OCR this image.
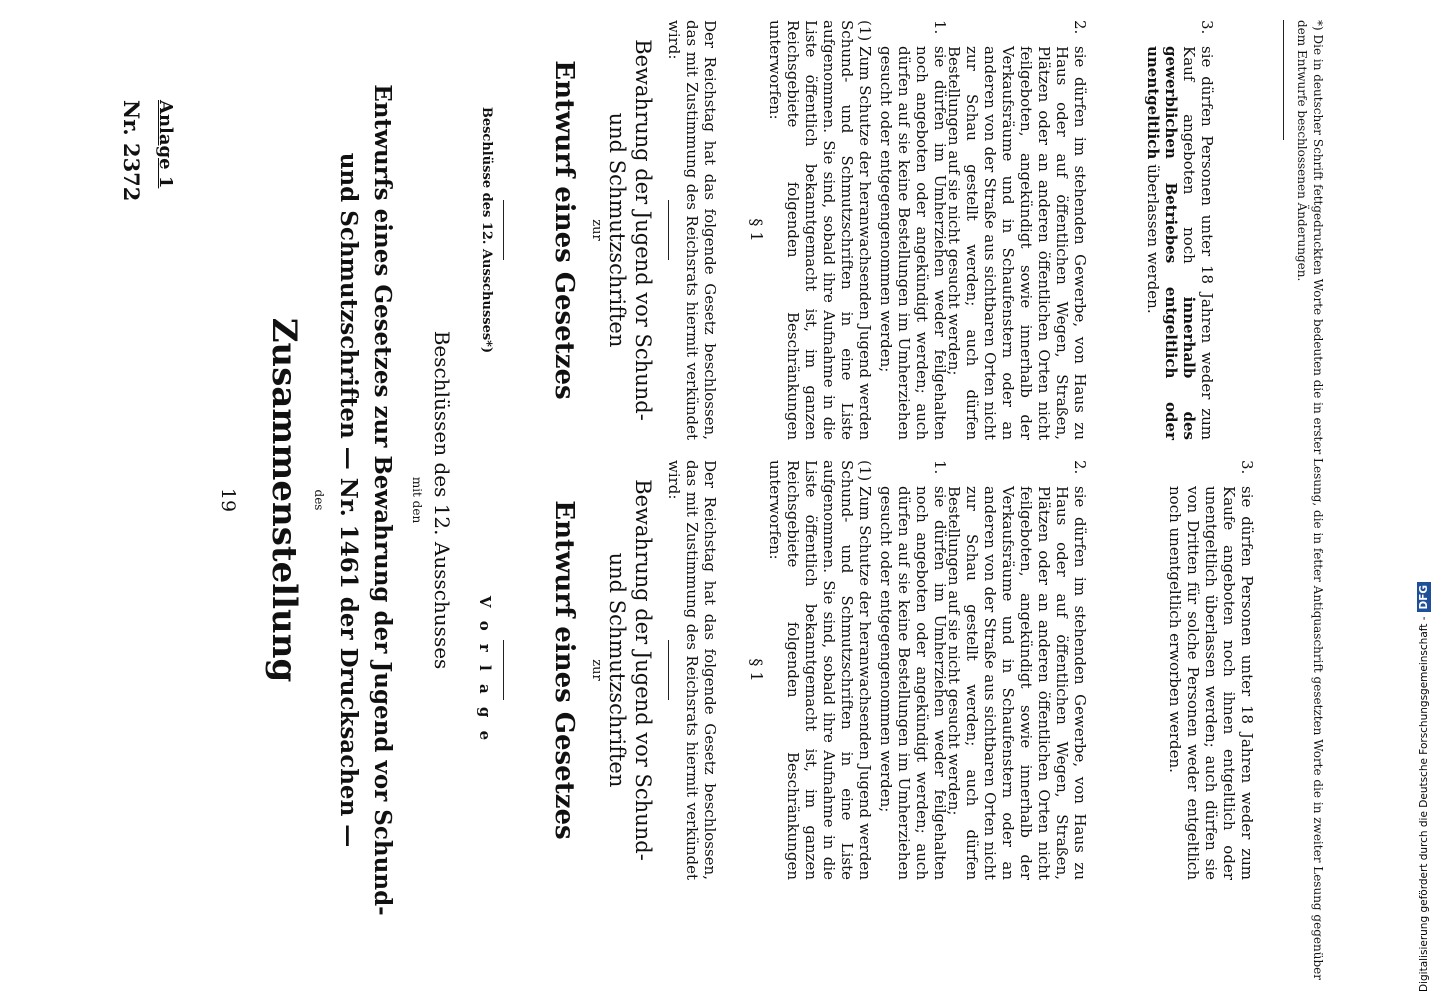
19
Nr. 2372 Anlage 1
Zusammenstellung des	Entwurfs eines Gesetzes zur Bewahrung der Jugend vor Schund- und Schmutzschriften — Nr. 1461 der Drucksachen —	mit den Beschlüssen des 12. Ausschusses
V o r l a g e Entwurf eines Gesetzes zur	Bewahrung der Jugend vor Schund- und Schmutzschriften	Der Reichstag hat das folgende Gesetz beschlossen, das mit Zustimmung des Reichsrats hiermit verkündet wird:
§ 1	(1) Zum Schutze der heranwachsenden Jugend werden Schund- und Schmutzschriften in eine Liste aufgenommen. Sie sind, sobald ihre Aufnahme in die Liste öffentlich bekanntgemacht ist, im ganzen Reichsgebiete folgenden Beschränkungen unterworfen:	1.
sie dürfen im Umherziehen weder feilgehalten noch angeboten oder angekündigt werden; auch dürfen auf sie keine Bestellungen im Umherziehen gesucht oder entgegengenommen werden;
2.
sie dürfen im stehenden Gewerbe, von Haus zu Haus oder auf öffentlichen Wegen, Straßen, Plätzen oder an anderen öffentlichen Orten nicht feilgeboten, angekündigt sowie innerhalb der Verkaufsräume und in Schaufenstern oder an anderen von der Straße aus sichtbaren Orten nicht zur Schau gestellt werden; auch dürfen Bestellungen auf sie nicht gesucht werden;
3.
sie dürfen Personen unter 18 Jahren weder zum Kaufe angeboten noch ihnen entgeltlich oder unentgeltlich überlassen werden; auch dürfen sie von Dritten für solche Personen weder entgeltlich noch unentgeltlich erworben werden.
Beschlüsse des 12. Ausschusses*) Entwurf eines Gesetzes zur	Bewahrung der Jugend vor Schund- und Schmutzschriften	Der Reichstag hat das folgende Gesetz beschlossen, das mit Zustimmung des Reichsrats hiermit verkündet wird:
§ 1	(1) Zum Schutze der heranwachsenden Jugend werden Schund- und Schmutzschriften in eine Liste aufgenommen. Sie sind, sobald ihre Aufnahme in die Liste öffentlich bekanntgemacht ist, im ganzen Reichsgebiete folgenden Beschränkungen unterworfen:	1.
sie dürfen im Umherziehen weder feilgehalten noch angeboten oder angekündigt werden; auch dürfen auf sie keine Bestellungen im Umherziehen gesucht oder entgegengenommen werden;
2.
sie dürfen im stehenden Gewerbe, von Haus zu Haus oder auf öffentlichen Wegen, Straßen, Plätzen oder an anderen öffentlichen Orten nicht feilgeboten, angekündigt sowie innerhalb der Verkaufsräume und in Schaufenstern oder an anderen von der Straße aus sichtbaren Orten nicht zur Schau gestellt werden; auch dürfen Bestellungen auf sie nicht gesucht werden;
3.
sie dürfen Personen unter 18 Jahren weder zum Kauf angeboten noch innerhalb des gewerblichen Betriebes entgeltlich oder unentgeltlich überlassen werden.	*) Die in deutscher Schrift fettgedruckten Worte bedeuten die in erster Lesung, die in fetter Antiquaschrift gesetzten Worte die in zweiter Lesung gegenüber dem Entwurfe beschlossenen Änderungen.
Digitalisierung gefördert durch die Deutsche Forschungsgemeinschaft -DFG
